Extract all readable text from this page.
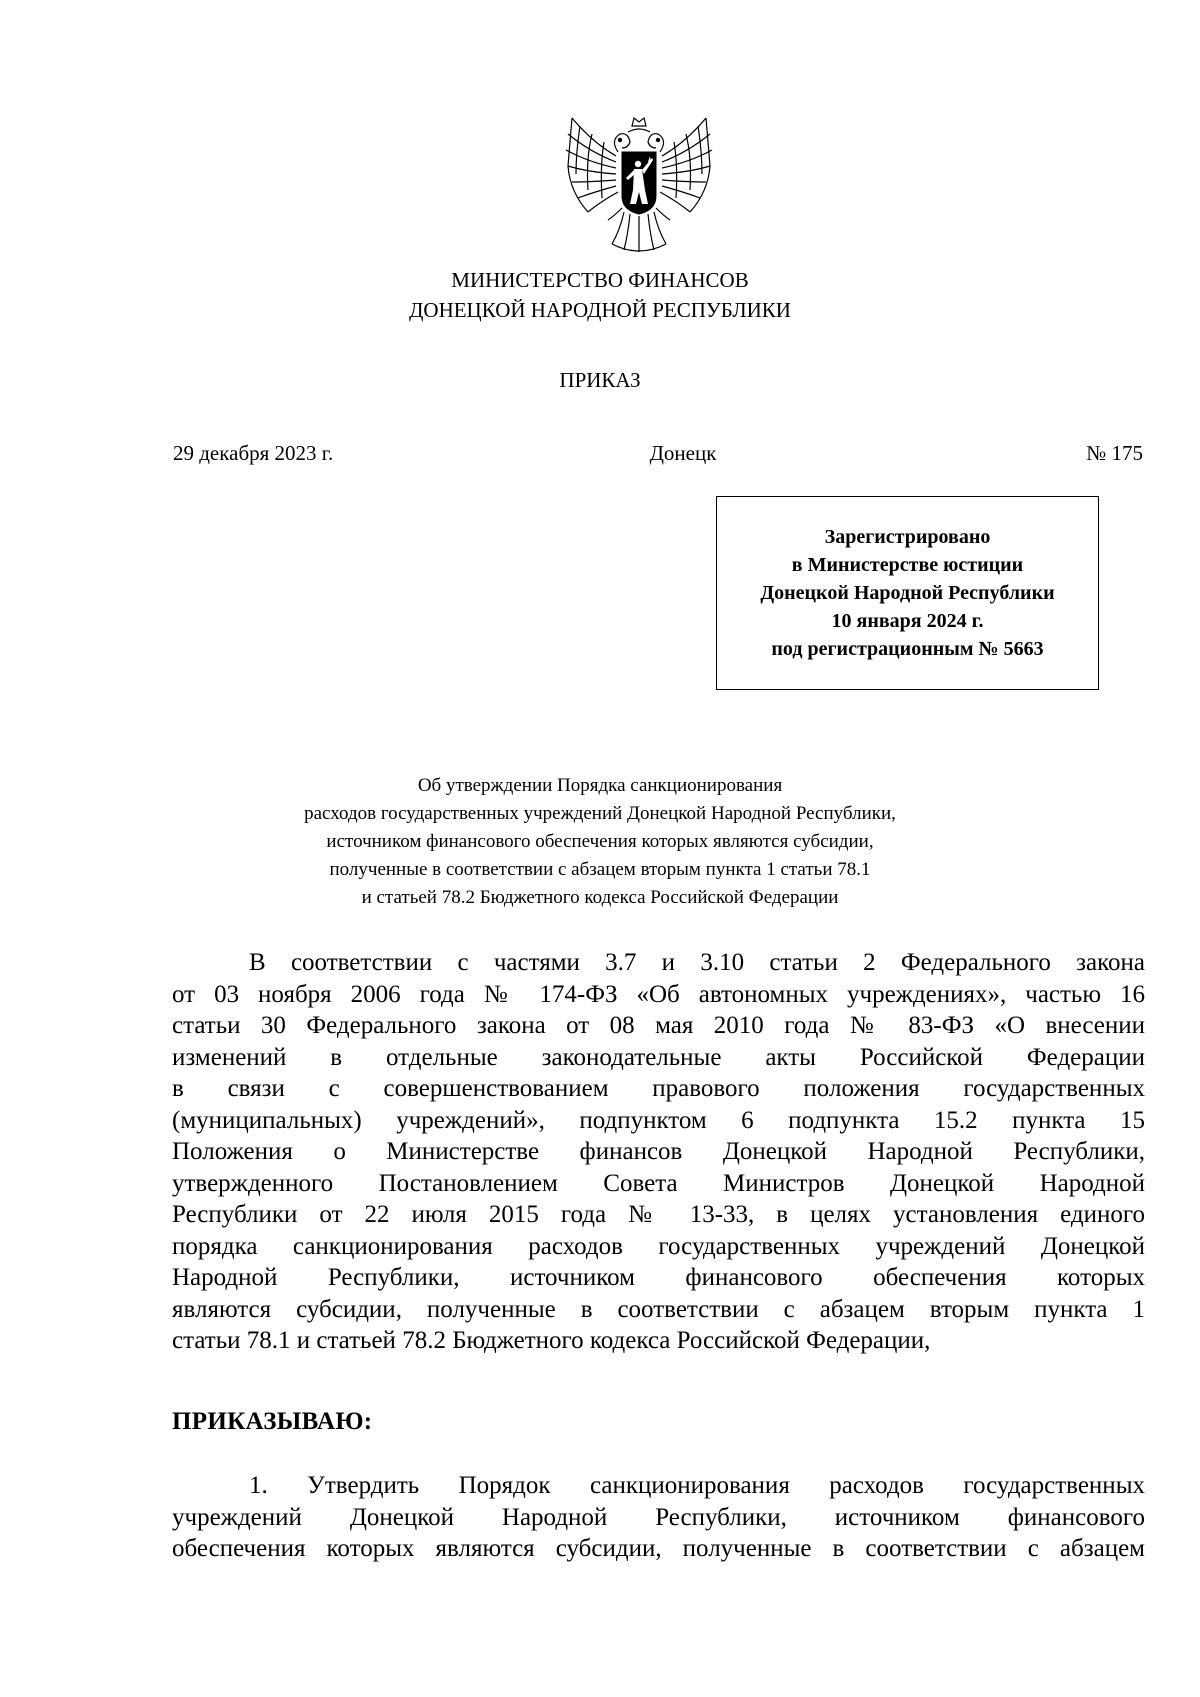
МИНИСТЕРСТВО ФИНАНСОВ
ДОНЕЦКОЙ НАРОДНОЙ РЕСПУБЛИКИ
ПРИКАЗ
29 декабря 2023 г.	Донецк	№ 175
Зарегистрировано
в Министерстве юстиции
Донецкой Народной Республики
10 января 2024 г.
под регистрационным № 5663
Об утверждении Порядка санкционирования
расходов государственных учреждений Донецкой Народной Республики,
источником финансового обеспечения которых являются субсидии,
полученные в соответствии с абзацем вторым пункта 1 статьи 78.1
и статьей 78.2 Бюджетного кодекса Российской Федерации
В соответствии с частями 3.7 и 3.10 статьи 2 Федерального закона
от 03 ноября 2006 года № 174-ФЗ «Об автономных учреждениях», частью 16
статьи 30 Федерального закона от 08 мая 2010 года № 83-ФЗ «О внесении
изменений в отдельные законодательные акты Российской Федерации
в связи с совершенствованием правового положения государственных
(муниципальных) учреждений», подпунктом 6 подпункта 15.2 пункта 15
Положения о Министерстве финансов Донецкой Народной Республики,
утвержденного Постановлением Совета Министров Донецкой Народной
Республики от 22 июля 2015 года № 13-33, в целях установления единого
порядка санкционирования расходов государственных учреждений Донецкой
Народной Республики, источником финансового обеспечения которых
являются субсидии, полученные в соответствии с абзацем вторым пункта 1
статьи 78.1 и статьей 78.2 Бюджетного кодекса Российской Федерации,
ПРИКАЗЫВАЮ:
1. Утвердить Порядок санкционирования расходов государственных
учреждений Донецкой Народной Республики, источником финансового
обеспечения которых являются субсидии, полученные в соответствии с абзацем
